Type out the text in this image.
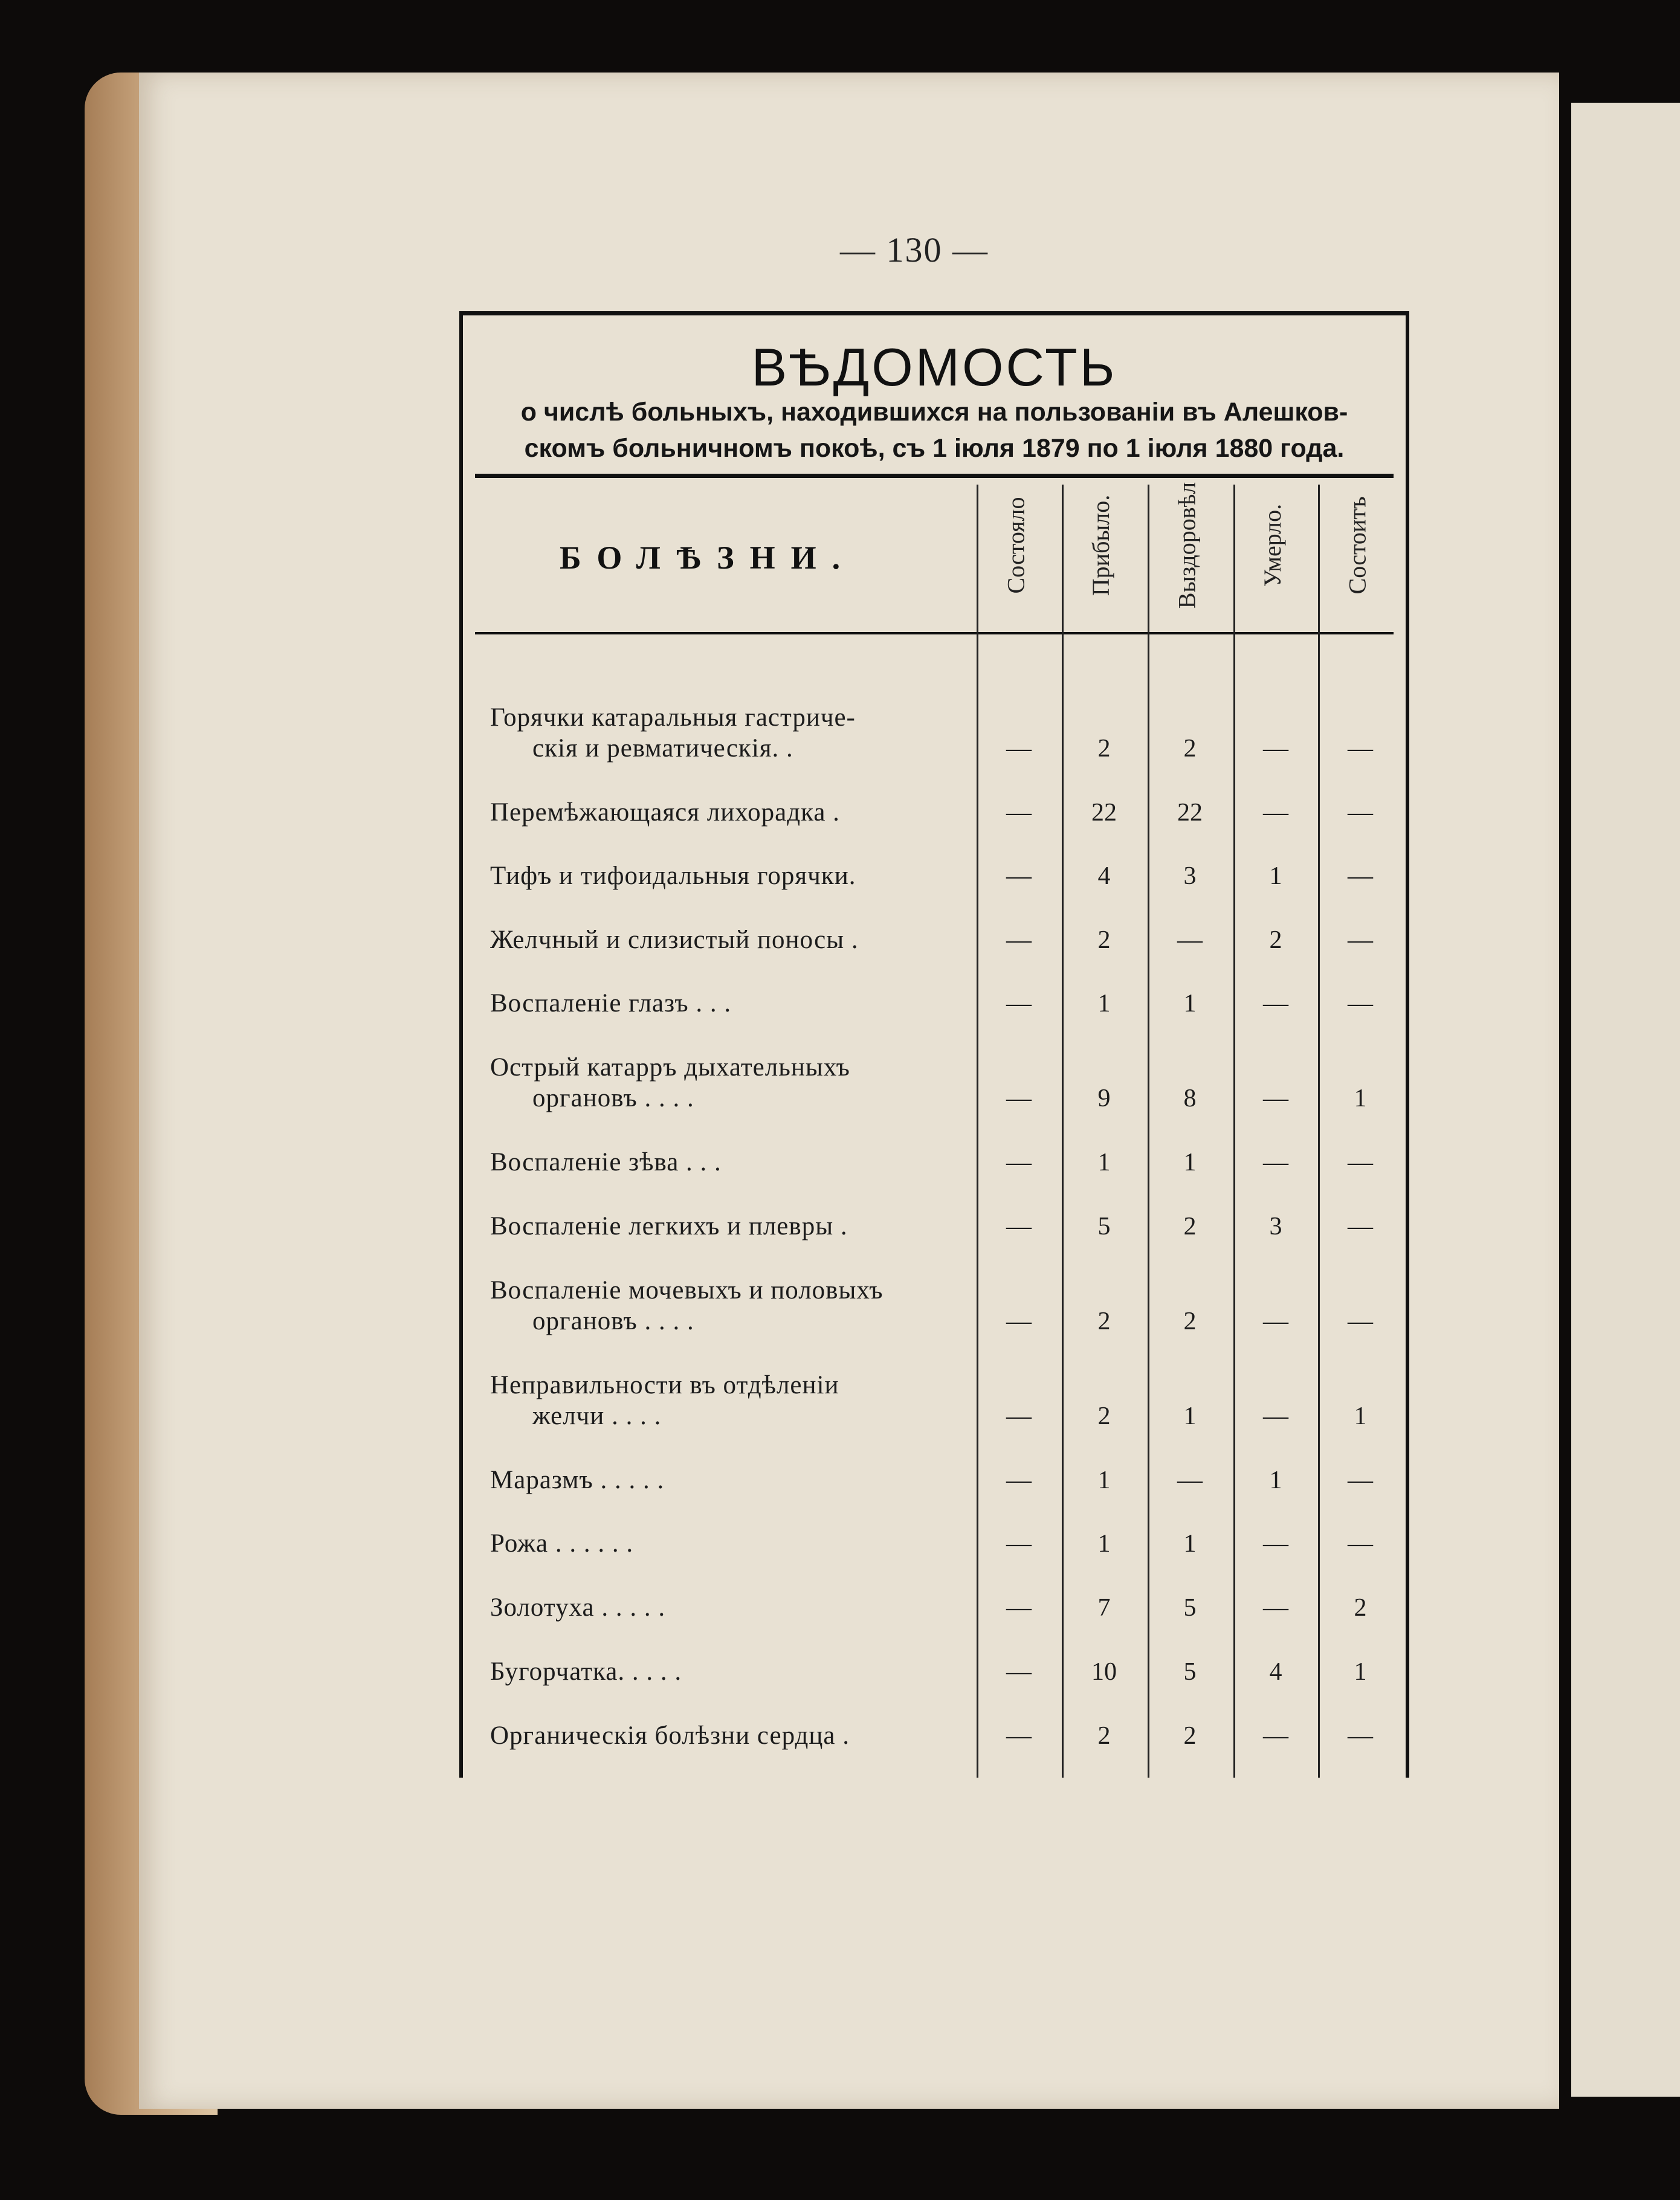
— 130 —
ВѢДОМОСТЬ
о числѣ больныхъ, находившихся на пользованіи въ Алешков-
скомъ больничномъ покоѣ, съ 1 іюля 1879 по 1 іюля 1880 года.
БОЛѢЗНИ.	Состояло Прибыло. Выздоровѣл Умерло. Состоитъ
Горячки катаральныя гастриче-
скія и ревматическія. .	—	2	2	—	—
Перемѣжающаяся лихорадка .	—	22	22	—	—
Тифъ и тифоидальныя горячки.	—	4	3	1	—
Желчный и слизистый поносы .	—	2	—	2	—
Воспаленіе глазъ . . .	—	1	1	—	—
Острый катарръ дыхательныхъ
органовъ . . . .	—	9	8	—	1
Воспаленіе зѣва . . .	—	1	1	—	—
Воспаленіе легкихъ и плевры .	—	5	2	3	—
Воспаленіе мочевыхъ и половыхъ
органовъ . . . .	—	2	2	—	—
Неправильности въ отдѣленіи
желчи . . . .	—	2	1	—	1
Маразмъ . . . . .	—	1	—	1	—
Рожа . . . . . .	—	1	1	—	—
Золотуха . . . . .	—	7	5	—	2
Бугорчатка. . . . .	—	10	5	4	1
Органическія болѣзни сердца .	—	2	2	—	—
